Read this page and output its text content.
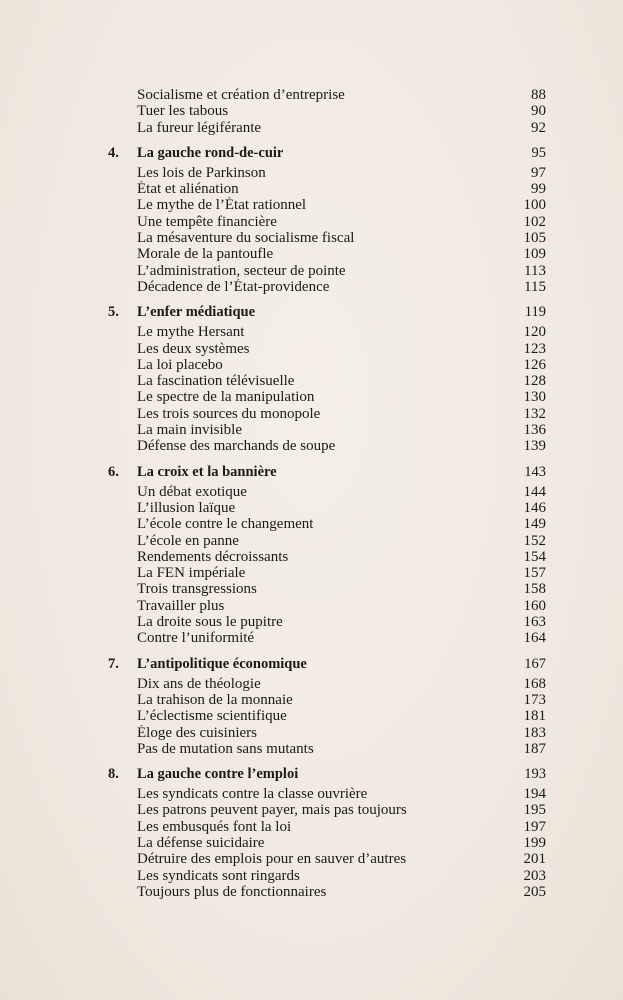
Socialisme et création d’entreprise	88
Tuer les tabous	90
La fureur légiférante	92
4.	La gauche rond-de-cuir	95
Les lois de Parkinson	97
État et aliénation	99
Le mythe de l’État rationnel	100
Une tempête financière	102
La mésaventure du socialisme fiscal	105
Morale de la pantoufle	109
L’administration, secteur de pointe	113
Décadence de l’État-providence	115
5.	L’enfer médiatique	119
Le mythe Hersant	120
Les deux systèmes	123
La loi placebo	126
La fascination télévisuelle	128
Le spectre de la manipulation	130
Les trois sources du monopole	132
La main invisible	136
Défense des marchands de soupe	139
6.	La croix et la bannière	143
Un débat exotique	144
L’illusion laïque	146
L’école contre le changement	149
L’école en panne	152
Rendements décroissants	154
La FEN impériale	157
Trois transgressions	158
Travailler plus	160
La droite sous le pupitre	163
Contre l’uniformité	164
7.	L’antipolitique économique	167
Dix ans de théologie	168
La trahison de la monnaie	173
L’éclectisme scientifique	181
Éloge des cuisiniers	183
Pas de mutation sans mutants	187
8.	La gauche contre l’emploi	193
Les syndicats contre la classe ouvrière	194
Les patrons peuvent payer, mais pas toujours	195
Les embusqués font la loi	197
La défense suicidaire	199
Détruire des emplois pour en sauver d’autres	201
Les syndicats sont ringards	203
Toujours plus de fonctionnaires	205
